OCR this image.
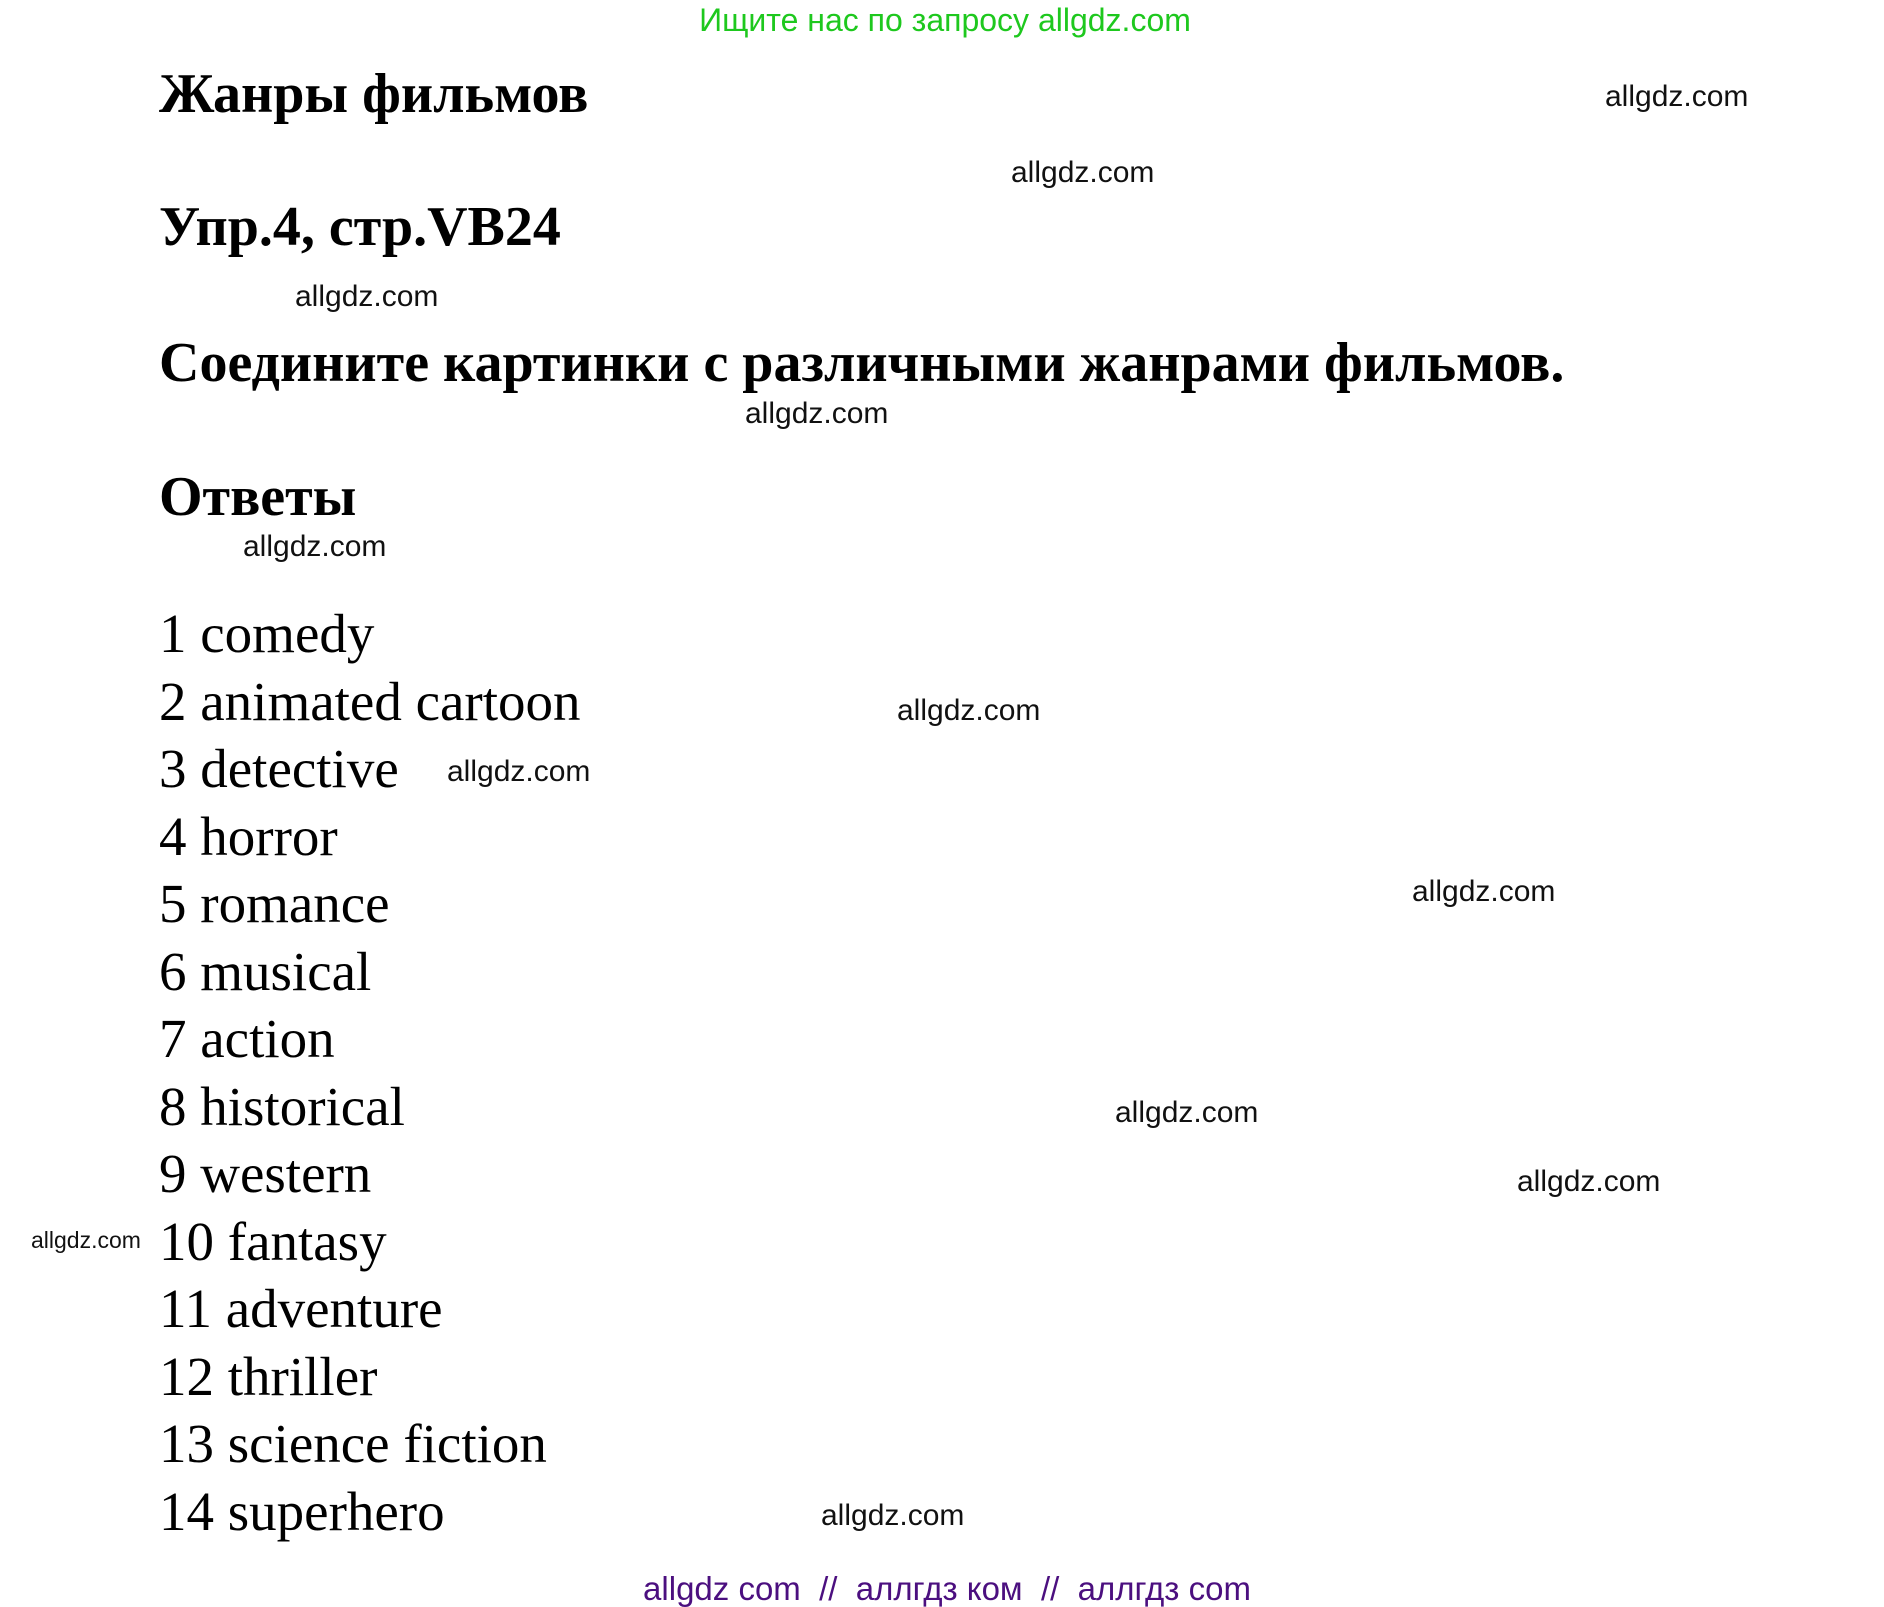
Ищите нас по запросу allgdz.com
Жанры фильмов
Упр.4, стр.VB24
Соедините картинки с различными жанрами фильмов.
Ответы
1 comedy
2 animated cartoon
3 detective
4 horror
5 romance
6 musical
7 action
8 historical
9 western
10 fantasy
11 adventure
12 thriller
13 science fiction
14 superhero
allgdz.com
allgdz.com
allgdz.com
allgdz.com
allgdz.com
allgdz.com
allgdz.com
allgdz.com
allgdz.com
allgdz.com
allgdz.com
allgdz.com
allgdz com  //  аллгдз ком  //  аллгдз com
